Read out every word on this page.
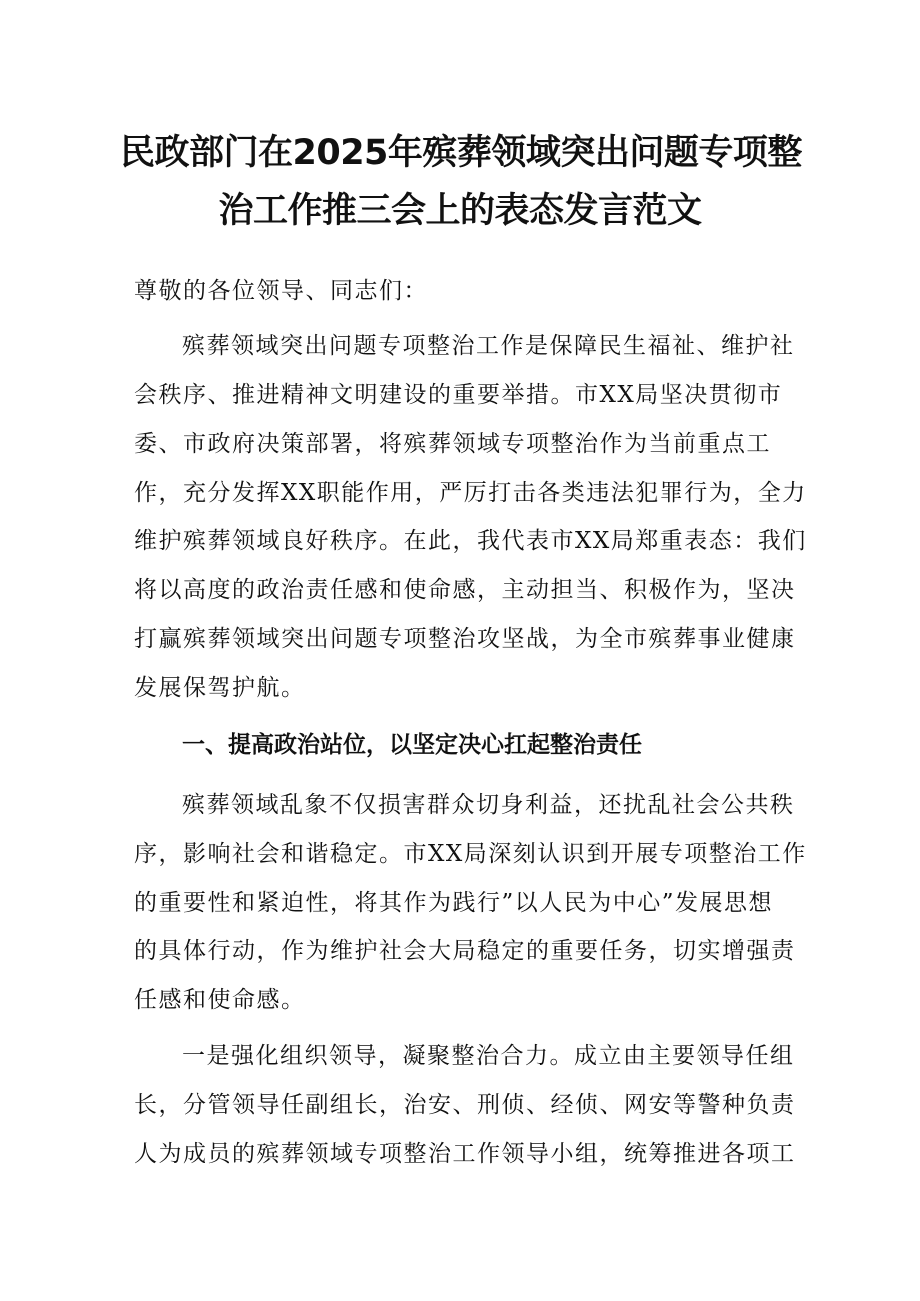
民政部门在2025年殡葬领域突出问题专项整
治工作推三会上的表态发言范文

尊敬的各位领导、同志们：

殡葬领域突出问题专项整治工作是保障民生福祉、维护社

会秩序、推进精神文明建设的重要举措。市XX局坚决贯彻市

委、市政府决策部署，将殡葬领域专项整治作为当前重点工

作，充分发挥XX职能作用，严厉打击各类违法犯罪行为，全力

维护殡葬领域良好秩序。在此，我代表市XX局郑重表态：我们

将以高度的政治责任感和使命感，主动担当、积极作为，坚决

打赢殡葬领域突出问题专项整治攻坚战，为全市殡葬事业健康

发展保驾护航。

一、提高政治站位，以坚定决心扛起整治责任

殡葬领域乱象不仅损害群众切身利益，还扰乱社会公共秩

序，影响社会和谐稳定。市XX局深刻认识到开展专项整治工作

的重要性和紧迫性，将其作为践行”以人民为中心”发展思想

的具体行动，作为维护社会大局稳定的重要任务，切实增强责

任感和使命感。

一是强化组织领导，凝聚整治合力。成立由主要领导任组

长，分管领导任副组长，治安、刑侦、经侦、网安等警种负责

人为成员的殡葬领域专项整治工作领导小组，统筹推进各项工
